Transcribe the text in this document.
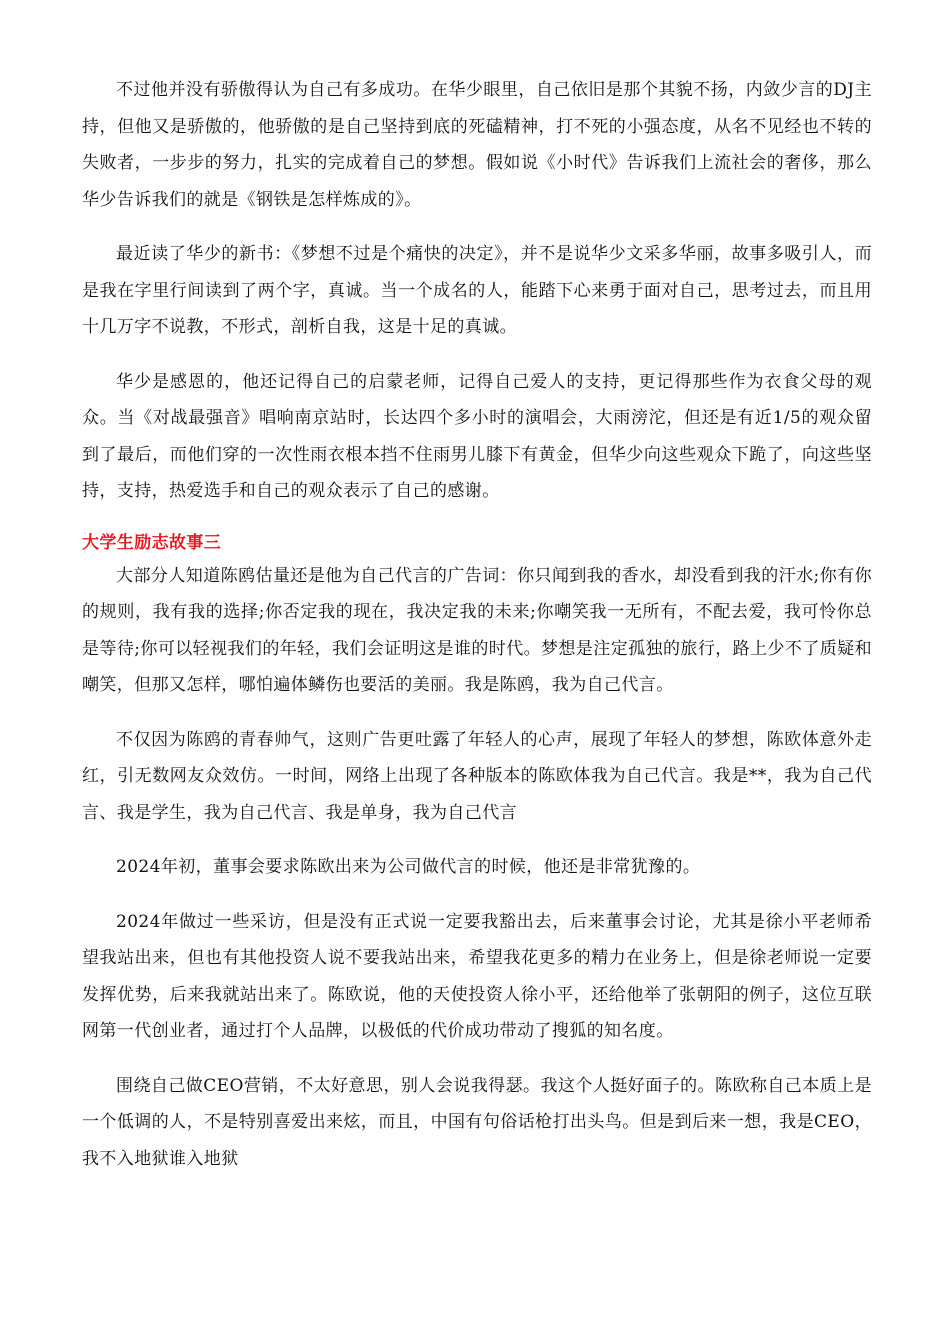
不过他并没有骄傲得认为自己有多成功。在华少眼里，自己依旧是那个其貌不扬，内敛少言的DJ主持，但他又是骄傲的，他骄傲的是自己坚持到底的死磕精神，打不死的小强态度，从名不见经也不转的失败者，一步步的努力，扎实的完成着自己的梦想。假如说《小时代》告诉我们上流社会的奢侈，那么华少告诉我们的就是《钢铁是怎样炼成的》。

最近读了华少的新书：《梦想不过是个痛快的决定》，并不是说华少文采多华丽，故事多吸引人，而是我在字里行间读到了两个字，真诚。当一个成名的人，能踏下心来勇于面对自己，思考过去，而且用十几万字不说教，不形式，剖析自我，这是十足的真诚。

华少是感恩的，他还记得自己的启蒙老师，记得自己爱人的支持，更记得那些作为衣食父母的观众。当《对战最强音》唱响南京站时，长达四个多小时的演唱会，大雨滂沱，但还是有近1/5的观众留到了最后，而他们穿的一次性雨衣根本挡不住雨男儿膝下有黄金，但华少向这些观众下跪了，向这些坚持，支持，热爱选手和自己的观众表示了自己的感谢。

大学生励志故事三

大部分人知道陈鸥估量还是他为自己代言的广告词：你只闻到我的香水，却没看到我的汗水;你有你的规则，我有我的选择;你否定我的现在，我决定我的未来;你嘲笑我一无所有，不配去爱，我可怜你总是等待;你可以轻视我们的年轻，我们会证明这是谁的时代。梦想是注定孤独的旅行，路上少不了质疑和嘲笑，但那又怎样，哪怕遍体鳞伤也要活的美丽。我是陈鸥，我为自己代言。

不仅因为陈鸥的青春帅气，这则广告更吐露了年轻人的心声，展现了年轻人的梦想，陈欧体意外走红，引无数网友众效仿。一时间，网络上出现了各种版本的陈欧体我为自己代言。我是**，我为自己代言、我是学生，我为自己代言、我是单身，我为自己代言

2024年初，董事会要求陈欧出来为公司做代言的时候，他还是非常犹豫的。

2024年做过一些采访，但是没有正式说一定要我豁出去，后来董事会讨论，尤其是徐小平老师希望我站出来，但也有其他投资人说不要我站出来，希望我花更多的精力在业务上，但是徐老师说一定要发挥优势，后来我就站出来了。陈欧说，他的天使投资人徐小平，还给他举了张朝阳的例子，这位互联网第一代创业者，通过打个人品牌，以极低的代价成功带动了搜狐的知名度。

围绕自己做CEO营销，不太好意思，别人会说我得瑟。我这个人挺好面子的。陈欧称自己本质上是一个低调的人，不是特别喜爱出来炫，而且，中国有句俗话枪打出头鸟。但是到后来一想，我是CEO，我不入地狱谁入地狱
